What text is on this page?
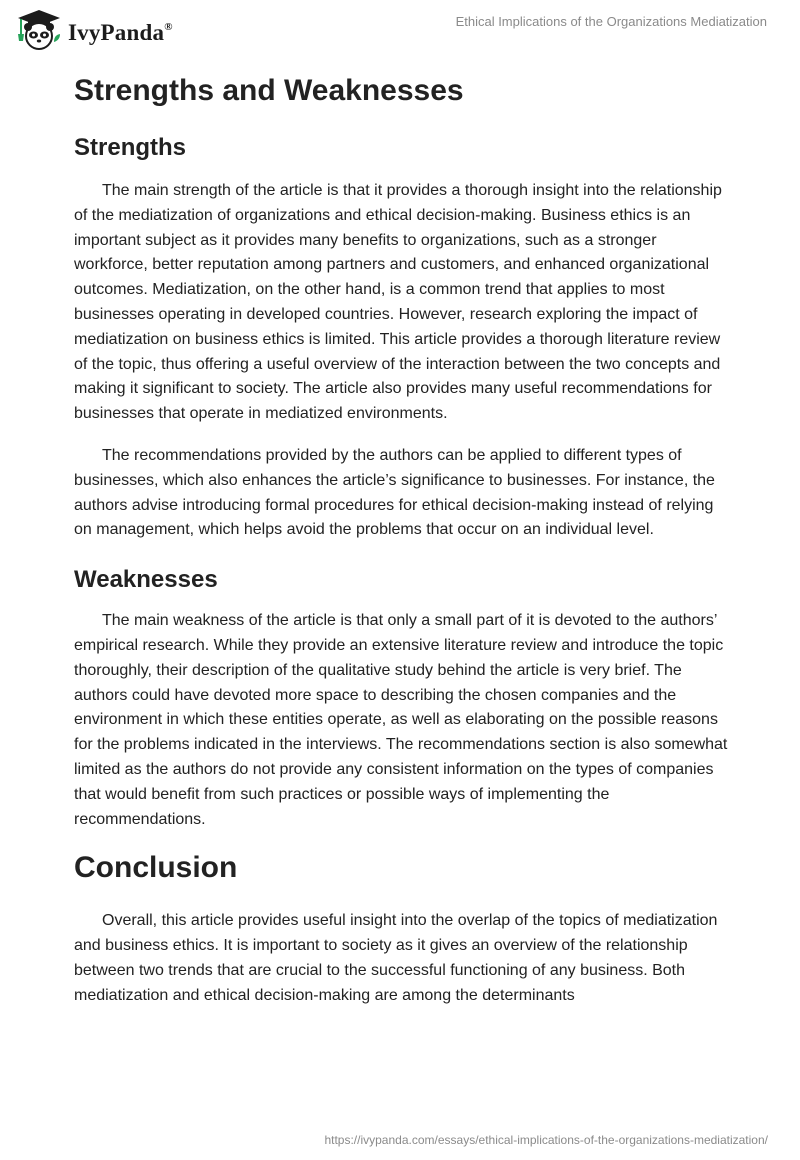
IvyPanda®	Ethical Implications of the Organizations Mediatization
Strengths and Weaknesses
Strengths

The main strength of the article is that it provides a thorough insight into the relationship of the mediatization of organizations and ethical decision-making. Business ethics is an important subject as it provides many benefits to organizations, such as a stronger workforce, better reputation among partners and customers, and enhanced organizational outcomes. Mediatization, on the other hand, is a common trend that applies to most businesses operating in developed countries. However, research exploring the impact of mediatization on business ethics is limited. This article provides a thorough literature review of the topic, thus offering a useful overview of the interaction between the two concepts and making it significant to society. The article also provides many useful recommendations for businesses that operate in mediatized environments.

The recommendations provided by the authors can be applied to different types of businesses, which also enhances the article’s significance to businesses. For instance, the authors advise introducing formal procedures for ethical decision-making instead of relying on management, which helps avoid the problems that occur on an individual level.

Weaknesses

The main weakness of the article is that only a small part of it is devoted to the authors’ empirical research. While they provide an extensive literature review and introduce the topic thoroughly, their description of the qualitative study behind the article is very brief. The authors could have devoted more space to describing the chosen companies and the environment in which these entities operate, as well as elaborating on the possible reasons for the problems indicated in the interviews. The recommendations section is also somewhat limited as the authors do not provide any consistent information on the types of companies that would benefit from such practices or possible ways of implementing the recommendations.

Conclusion

Overall, this article provides useful insight into the overlap of the topics of mediatization and business ethics. It is important to society as it gives an overview of the relationship between two trends that are crucial to the successful functioning of any business. Both mediatization and ethical decision-making are among the determinants

https://ivypanda.com/essays/ethical-implications-of-the-organizations-mediatization/
